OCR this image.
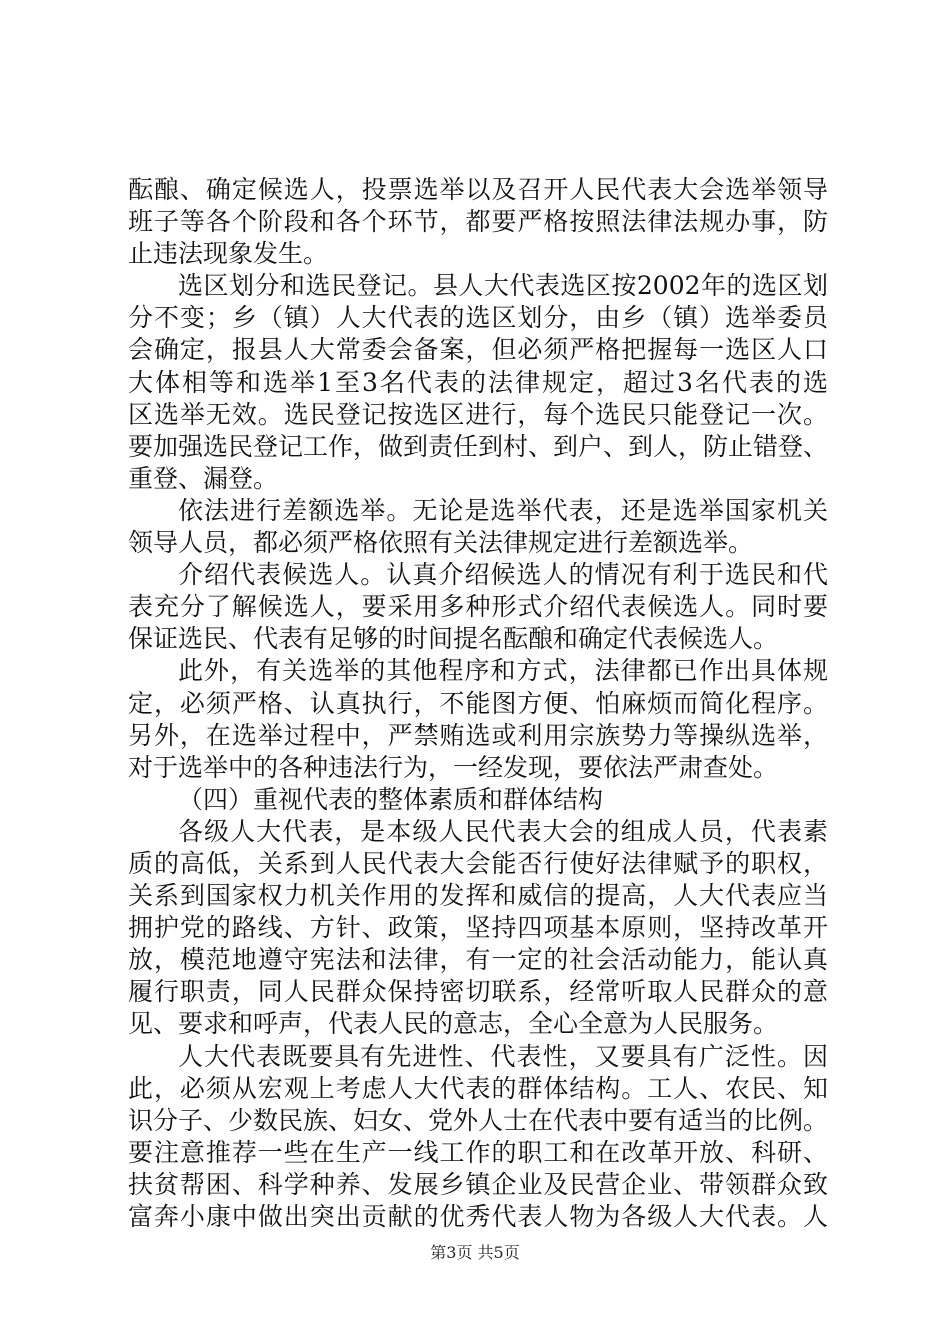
酝酿、确定候选人，投票选举以及召开人民代表大会选举领导
班子等各个阶段和各个环节，都要严格按照法律法规办事，防
止违法现象发生。
选区划分和选民登记。县人大代表选区按2002年的选区划
分不变；乡（镇）人大代表的选区划分，由乡（镇）选举委员
会确定，报县人大常委会备案，但必须严格把握每一选区人口
大体相等和选举1至3名代表的法律规定，超过3名代表的选
区选举无效。选民登记按选区进行，每个选民只能登记一次。
要加强选民登记工作，做到责任到村、到户、到人，防止错登、
重登、漏登。
依法进行差额选举。无论是选举代表，还是选举国家机关
领导人员，都必须严格依照有关法律规定进行差额选举。
介绍代表候选人。认真介绍候选人的情况有利于选民和代
表充分了解候选人，要采用多种形式介绍代表候选人。同时要
保证选民、代表有足够的时间提名酝酿和确定代表候选人。
此外，有关选举的其他程序和方式，法律都已作出具体规
定，必须严格、认真执行，不能图方便、怕麻烦而简化程序。
另外，在选举过程中，严禁贿选或利用宗族势力等操纵选举，
对于选举中的各种违法行为，一经发现，要依法严肃查处。
（四）重视代表的整体素质和群体结构
各级人大代表，是本级人民代表大会的组成人员，代表素
质的高低，关系到人民代表大会能否行使好法律赋予的职权，
关系到国家权力机关作用的发挥和威信的提高，人大代表应当
拥护党的路线、方针、政策，坚持四项基本原则，坚持改革开
放，模范地遵守宪法和法律，有一定的社会活动能力，能认真
履行职责，同人民群众保持密切联系，经常听取人民群众的意
见、要求和呼声，代表人民的意志，全心全意为人民服务。
人大代表既要具有先进性、代表性，又要具有广泛性。因
此，必须从宏观上考虑人大代表的群体结构。工人、农民、知
识分子、少数民族、妇女、党外人士在代表中要有适当的比例。
要注意推荐一些在生产一线工作的职工和在改革开放、科研、
扶贫帮困、科学种养、发展乡镇企业及民营企业、带领群众致
富奔小康中做出突出贡献的优秀代表人物为各级人大代表。人
第3页 共5页
